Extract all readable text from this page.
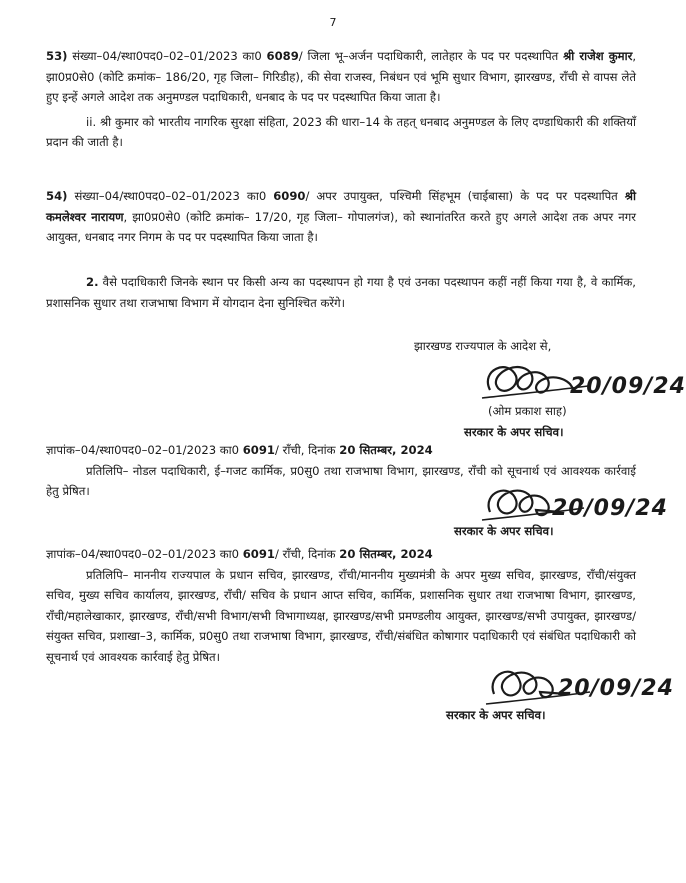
7

53) संख्या–04/स्था0पद0–02–01/2023 का0 6089/ जिला भू–अर्जन पदाधिकारी, लातेहार के पद पर पदस्थापित श्री राजेश कुमार, झा0प्र0से0 (कोटि क्रमांक– 186/20, गृह जिला– गिरिडीह), की सेवा राजस्व, निबंधन एवं भूमि सुधार विभाग, झारखण्ड, राँची से वापस लेते हुए इन्हें अगले आदेश तक अनुमण्डल पदाधिकारी, धनबाद के पद पर पदस्थापित किया जाता है।

ii. श्री कुमार को भारतीय नागरिक सुरक्षा संहिता, 2023 की धारा–14 के तहत् धनबाद अनुमण्डल के लिए दण्डाधिकारी की शक्तियाँ प्रदान की जाती है।

54) संख्या–04/स्था0पद0–02–01/2023 का0 6090/ अपर उपायुक्त, पश्चिमी सिंहभूम (चाईबासा) के पद पर पदस्थापित श्री कमलेश्वर नारायण, झा0प्र0से0 (कोटि क्रमांक– 17/20, गृह जिला– गोपालगंज), को स्थानांतरित करते हुए अगले आदेश तक अपर नगर आयुक्त, धनबाद नगर निगम के पद पर पदस्थापित किया जाता है।

2. वैसे पदाधिकारी जिनके स्थान पर किसी अन्य का पदस्थापन हो गया है एवं उनका पदस्थापन कहीं नहीं किया गया है, वे कार्मिक, प्रशासनिक सुधार तथा राजभाषा विभाग में योगदान देना सुनिश्चित करेंगे।

झारखण्ड राज्यपाल के आदेश से,
20/09/24
(ओम प्रकाश साह)
सरकार के अपर सचिव।

ज्ञापांक–04/स्था0पद0–02–01/2023 का0 6091/ राँची, दिनांक 20 सितम्बर, 2024

प्रतिलिपि– नोडल पदाधिकारी, ई–गजट कार्मिक, प्र0सु0 तथा राजभाषा विभाग, झारखण्ड, राँची को सूचनार्थ एवं आवश्यक कार्रवाई हेतु प्रेषित।

20/09/24
सरकार के अपर सचिव।

ज्ञापांक–04/स्था0पद0–02–01/2023 का0 6091/ राँची, दिनांक 20 सितम्बर, 2024

प्रतिलिपि– माननीय राज्यपाल के प्रधान सचिव, झारखण्ड, राँची/माननीय मुख्यमंत्री के अपर मुख्य सचिव, झारखण्ड, राँची/संयुक्त सचिव, मुख्य सचिव कार्यालय, झारखण्ड, राँची/ सचिव के प्रधान आप्त सचिव, कार्मिक, प्रशासनिक सुधार तथा राजभाषा विभाग, झारखण्ड, राँची/महालेखाकार, झारखण्ड, राँची/सभी विभाग/सभी विभागाध्यक्ष, झारखण्ड/सभी प्रमण्डलीय आयुक्त, झारखण्ड/सभी उपायुक्त, झारखण्ड/संयुक्त सचिव, प्रशाखा–3, कार्मिक, प्र0सु0 तथा राजभाषा विभाग, झारखण्ड, राँची/संबंधित कोषागार पदाधिकारी एवं संबंधित पदाधिकारी को सूचनार्थ एवं आवश्यक कार्रवाई हेतु प्रेषित।

20/09/24
सरकार के अपर सचिव।
